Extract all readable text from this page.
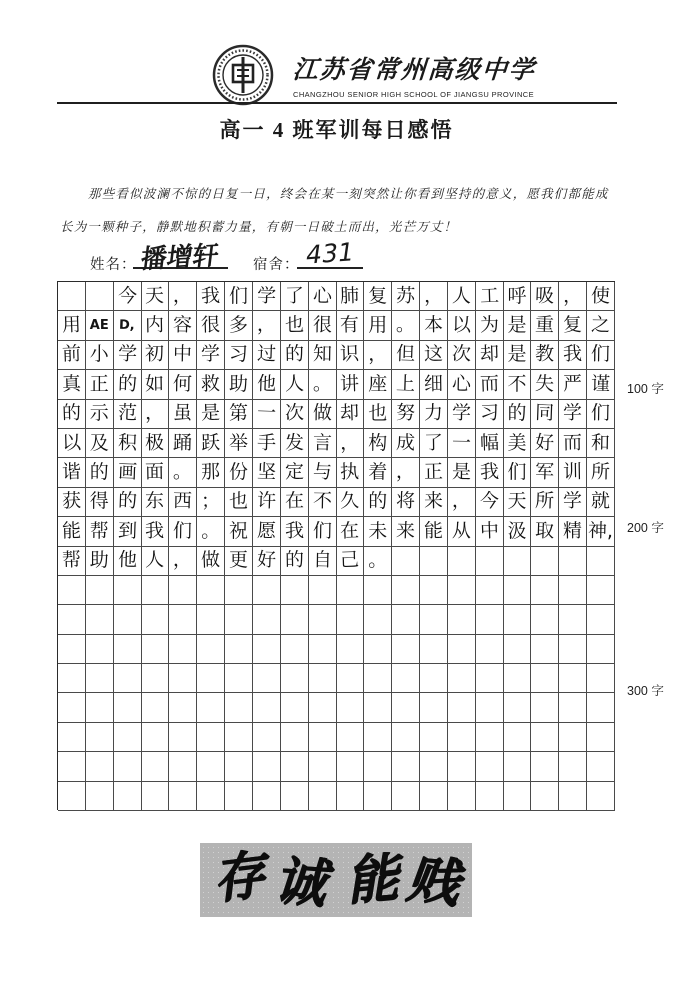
江苏省常州高级中学
CHANGZHOU SENIOR HIGH SCHOOL OF JIANGSU PROVINCE
高一 4 班军训每日感悟
那些看似波澜不惊的日复一日，终会在某一刻突然让你看到坚持的意义，愿我们都能成
长为一颗种子，静默地积蓄力量，有朝一日破土而出，光芒万丈！
姓名： 播增轩	宿舍： 431
今 天 ， 我 们 学 了 心 肺 复 苏 ， 人 工 呼 吸 ， 使
用 AE D, 内 容 很 多 ， 也 很 有 用 。 本 以 为 是 重 复 之
前 小 学 初 中 学 习 过 的 知 识 ， 但 这 次 却 是 教 我 们
真 正 的 如 何 救 助 他 人 。 讲 座 上 细 心 而 不 失 严 谨
的 示 范 ， 虽 是 第 一 次 做 却 也 努 力 学 习 的 同 学 们
以 及 积 极 踊 跃 举 手 发 言 ， 构 成 了 一 幅 美 好 而 和
谐 的 画 面 。 那 份 坚 定 与 执 着 ， 正 是 我 们 军 训 所
获 得 的 东 西 ； 也 许 在 不 久 的 将 来 ， 今 天 所 学 就
能 帮 到 我 们 。 祝 愿 我 们 在 未 来 能 从 中 汲 取 精 神,
帮 助 他 人 ， 做 更 好 的 自 己 。
100 字
200 字
300 字
存 诚 能 贱
